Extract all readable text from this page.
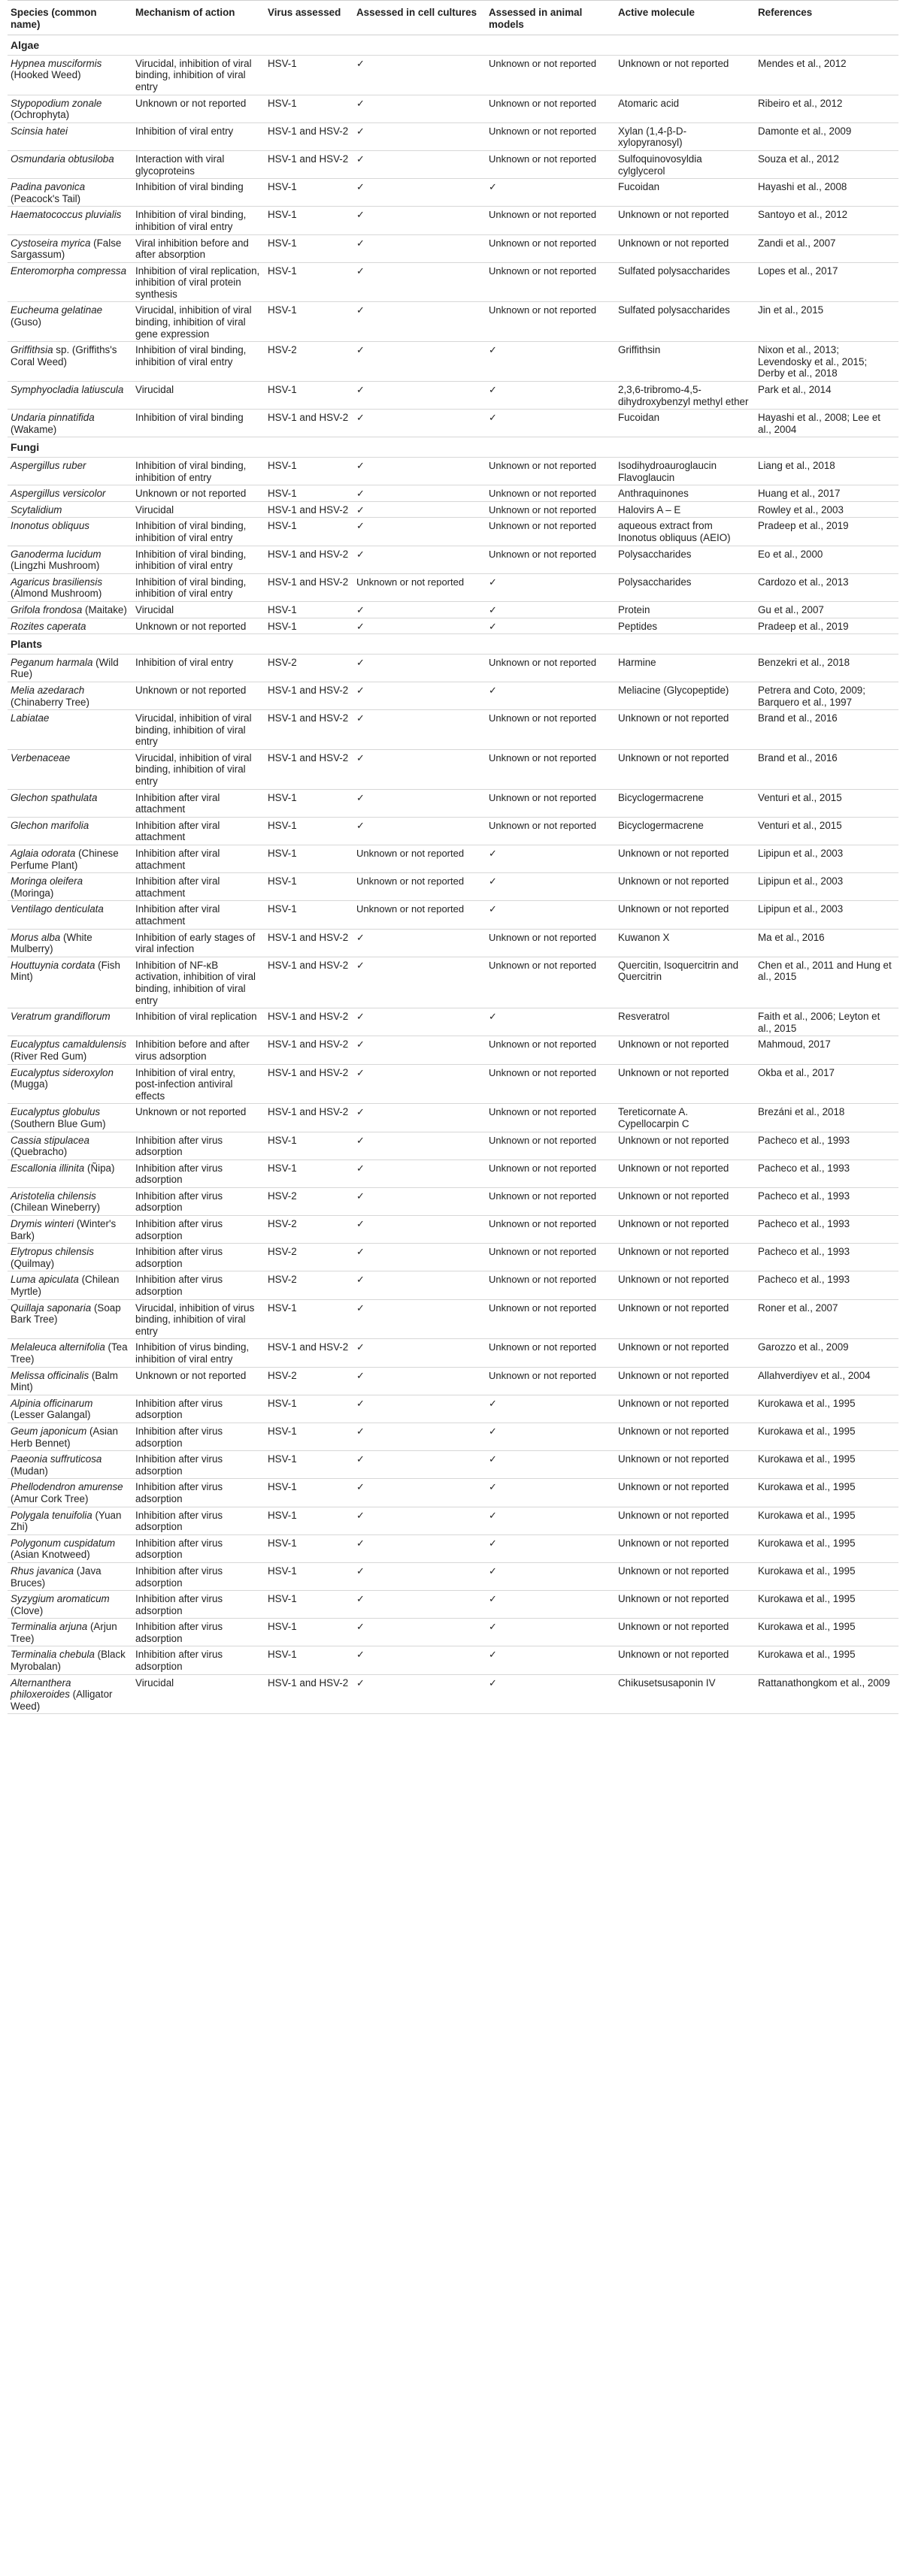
Species (common name)	Mechanism of action	Virus assessed	Assessed in cell cultures	Assessed in animal models	Active molecule	References
Algae						
Hypnea musciformis (Hooked Weed)	Virucidal, inhibition of viral binding, inhibition of viral entry	HSV-1	✓	Unknown or not reported	Unknown or not reported	Mendes et al., 2012
Stypopodium zonale (Ochrophyta)	Unknown or not reported	HSV-1	✓	Unknown or not reported	Atomaric acid	Ribeiro et al., 2012
Scinsia hatei	Inhibition of viral entry	HSV-1 and HSV-2	✓	Unknown or not reported	Xylan (1,4-β-D-xylopyranosyl)	Damonte et al., 2009
Osmundaria obtusiloba	Interaction with viral glycoproteins	HSV-1 and HSV-2	✓	Unknown or not reported	Sulfoquinovosyldia cylglycerol	Souza et al., 2012
Padina pavonica (Peacock's Tail)	Inhibition of viral binding	HSV-1	✓	✓	Fucoidan	Hayashi et al., 2008
Haematococcus pluvialis	Inhibition of viral binding, inhibition of viral entry	HSV-1	✓	Unknown or not reported	Unknown or not reported	Santoyo et al., 2012
Cystoseira myrica (False Sargassum)	Viral inhibition before and after absorption	HSV-1	✓	Unknown or not reported	Unknown or not reported	Zandi et al., 2007
Enteromorpha compressa	Inhibition of viral replication, inhibition of viral protein synthesis	HSV-1	✓	Unknown or not reported	Sulfated polysaccharides	Lopes et al., 2017
Eucheuma gelatinae (Guso)	Virucidal, inhibition of viral binding, inhibition of viral gene expression	HSV-1	✓	Unknown or not reported	Sulfated polysaccharides	Jin et al., 2015
Griffithsia sp. (Griffiths's Coral Weed)	Inhibition of viral binding, inhibition of viral entry	HSV-2	✓	✓	Griffithsin	Nixon et al., 2013; Levendosky et al., 2015; Derby et al., 2018
Symphyocladia latiuscula	Virucidal	HSV-1	✓	✓	2,3,6-tribromo-4,5-dihydroxybenzyl methyl ether	Park et al., 2014
Undaria pinnatifida (Wakame)	Inhibition of viral binding	HSV-1 and HSV-2	✓	✓	Fucoidan	Hayashi et al., 2008; Lee et al., 2004
Fungi						
Aspergillus ruber	Inhibition of viral binding, inhibition of entry	HSV-1	✓	Unknown or not reported	Isodihydroauroglaucin Flavoglaucin	Liang et al., 2018
Aspergillus versicolor	Unknown or not reported	HSV-1	✓	Unknown or not reported	Anthraquinones	Huang et al., 2017
Scytalidium	Virucidal	HSV-1 and HSV-2	✓	Unknown or not reported	Halovirs A – E	Rowley et al., 2003
Inonotus obliquus	Inhibition of viral binding, inhibition of viral entry	HSV-1	✓	Unknown or not reported	aqueous extract from Inonotus obliquus (AEIO)	Pradeep et al., 2019
Ganoderma lucidum (Lingzhi Mushroom)	Inhibition of viral binding, inhibition of viral entry	HSV-1 and HSV-2	✓	Unknown or not reported	Polysaccharides	Eo et al., 2000
Agaricus brasiliensis (Almond Mushroom)	Inhibition of viral binding, inhibition of viral entry	HSV-1 and HSV-2	Unknown or not reported	✓	Polysaccharides	Cardozo et al., 2013
Grifola frondosa (Maitake)	Virucidal	HSV-1	✓	✓	Protein	Gu et al., 2007
Rozites caperata	Unknown or not reported	HSV-1	✓	✓	Peptides	Pradeep et al., 2019
Plants						
Peganum harmala (Wild Rue)	Inhibition of viral entry	HSV-2	✓	Unknown or not reported	Harmine	Benzekri et al., 2018
Melia azedarach (Chinaberry Tree)	Unknown or not reported	HSV-1 and HSV-2	✓	✓	Meliacine (Glycopeptide)	Petrera and Coto, 2009; Barquero et al., 1997
Labiatae	Virucidal, inhibition of viral binding, inhibition of viral entry	HSV-1 and HSV-2	✓	Unknown or not reported	Unknown or not reported	Brand et al., 2016
Verbenaceae	Virucidal, inhibition of viral binding, inhibition of viral entry	HSV-1 and HSV-2	✓	Unknown or not reported	Unknown or not reported	Brand et al., 2016
Glechon spathulata	Inhibition after viral attachment	HSV-1	✓	Unknown or not reported	Bicyclogermacrene	Venturi et al., 2015
Glechon marifolia	Inhibition after viral attachment	HSV-1	✓	Unknown or not reported	Bicyclogermacrene	Venturi et al., 2015
Aglaia odorata (Chinese Perfume Plant)	Inhibition after viral attachment	HSV-1	Unknown or not reported	✓	Unknown or not reported	Lipipun et al., 2003
Moringa oleifera (Moringa)	Inhibition after viral attachment	HSV-1	Unknown or not reported	✓	Unknown or not reported	Lipipun et al., 2003
Ventilago denticulata	Inhibition after viral attachment	HSV-1	Unknown or not reported	✓	Unknown or not reported	Lipipun et al., 2003
Morus alba (White Mulberry)	Inhibition of early stages of viral infection	HSV-1 and HSV-2	✓	Unknown or not reported	Kuwanon X	Ma et al., 2016
Houttuynia cordata (Fish Mint)	Inhibition of NF-κB activation, inhibition of viral binding, inhibition of viral entry	HSV-1 and HSV-2	✓	Unknown or not reported	Quercitin, Isoquercitrin and Quercitrin	Chen et al., 2011 and Hung et al., 2015
Veratrum grandiflorum	Inhibition of viral replication	HSV-1 and HSV-2	✓	✓	Resveratrol	Faith et al., 2006; Leyton et al., 2015
Eucalyptus camaldulensis (River Red Gum)	Inhibition before and after virus adsorption	HSV-1 and HSV-2	✓	Unknown or not reported	Unknown or not reported	Mahmoud, 2017
Eucalyptus sideroxylon (Mugga)	Inhibition of viral entry, post-infection antiviral effects	HSV-1 and HSV-2	✓	Unknown or not reported	Unknown or not reported	Okba et al., 2017
Eucalyptus globulus (Southern Blue Gum)	Unknown or not reported	HSV-1 and HSV-2	✓	Unknown or not reported	Tereticornate A. Cypellocarpin C	Brezáni et al., 2018
Cassia stipulacea (Quebracho)	Inhibition after virus adsorption	HSV-1	✓	Unknown or not reported	Unknown or not reported	Pacheco et al., 1993
Escallonia illinita (Ñipa)	Inhibition after virus adsorption	HSV-1	✓	Unknown or not reported	Unknown or not reported	Pacheco et al., 1993
Aristotelia chilensis (Chilean Wineberry)	Inhibition after virus adsorption	HSV-2	✓	Unknown or not reported	Unknown or not reported	Pacheco et al., 1993
Drymis winteri (Winter's Bark)	Inhibition after virus adsorption	HSV-2	✓	Unknown or not reported	Unknown or not reported	Pacheco et al., 1993
Elytropus chilensis (Quilmay)	Inhibition after virus adsorption	HSV-2	✓	Unknown or not reported	Unknown or not reported	Pacheco et al., 1993
Luma apiculata (Chilean Myrtle)	Inhibition after virus adsorption	HSV-2	✓	Unknown or not reported	Unknown or not reported	Pacheco et al., 1993
Quillaja saponaria (Soap Bark Tree)	Virucidal, inhibition of virus binding, inhibition of viral entry	HSV-1	✓	Unknown or not reported	Unknown or not reported	Roner et al., 2007
Melaleuca alternifolia (Tea Tree)	Inhibition of virus binding, inhibition of viral entry	HSV-1 and HSV-2	✓	Unknown or not reported	Unknown or not reported	Garozzo et al., 2009
Melissa officinalis (Balm Mint)	Unknown or not reported	HSV-2	✓	Unknown or not reported	Unknown or not reported	Allahverdiyev et al., 2004
Alpinia officinarum (Lesser Galangal)	Inhibition after virus adsorption	HSV-1	✓	✓	Unknown or not reported	Kurokawa et al., 1995
Geum japonicum (Asian Herb Bennet)	Inhibition after virus adsorption	HSV-1	✓	✓	Unknown or not reported	Kurokawa et al., 1995
Paeonia suffruticosa (Mudan)	Inhibition after virus adsorption	HSV-1	✓	✓	Unknown or not reported	Kurokawa et al., 1995
Phellodendron amurense (Amur Cork Tree)	Inhibition after virus adsorption	HSV-1	✓	✓	Unknown or not reported	Kurokawa et al., 1995
Polygala tenuifolia (Yuan Zhi)	Inhibition after virus adsorption	HSV-1	✓	✓	Unknown or not reported	Kurokawa et al., 1995
Polygonum cuspidatum (Asian Knotweed)	Inhibition after virus adsorption	HSV-1	✓	✓	Unknown or not reported	Kurokawa et al., 1995
Rhus javanica (Java Bruces)	Inhibition after virus adsorption	HSV-1	✓	✓	Unknown or not reported	Kurokawa et al., 1995
Syzygium aromaticum (Clove)	Inhibition after virus adsorption	HSV-1	✓	✓	Unknown or not reported	Kurokawa et al., 1995
Terminalia arjuna (Arjun Tree)	Inhibition after virus adsorption	HSV-1	✓	✓	Unknown or not reported	Kurokawa et al., 1995
Terminalia chebula (Black Myrobalan)	Inhibition after virus adsorption	HSV-1	✓	✓	Unknown or not reported	Kurokawa et al., 1995
Alternanthera philoxeroides (Alligator Weed)	Virucidal	HSV-1 and HSV-2	✓	✓	Chikusetsusaponin IV	Rattanathongkom et al., 2009
